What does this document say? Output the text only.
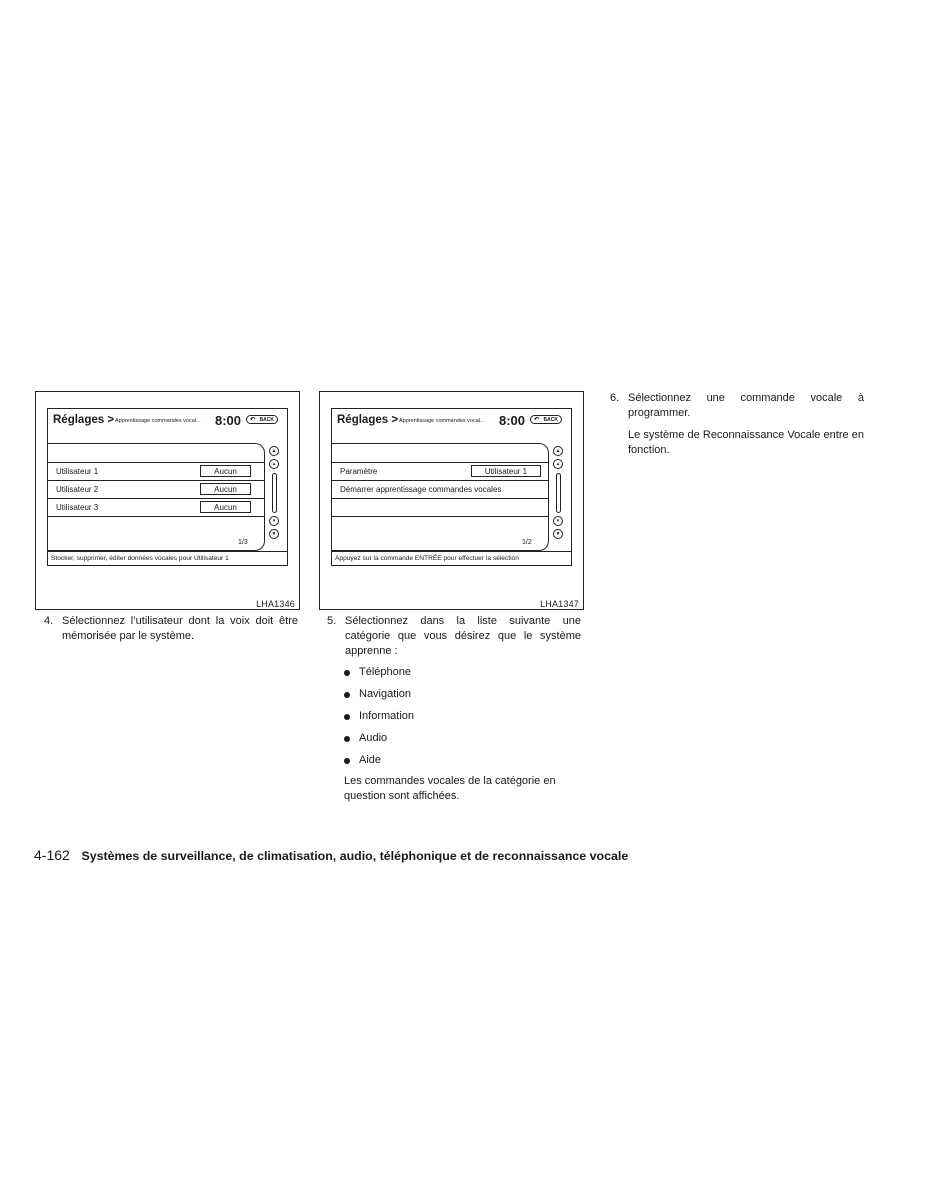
Réglages > Apprentissage commandes vocal... 8:00 ↶ BACK
Utilisateur 1	Aucun
Utilisateur 2	Aucun
Utilisateur 3	Aucun
1/3
▲
▴
▾
▼
Stocker, supprimer, éditer données vocales pour Utilisateur 1
LHA1346
Réglages > Apprentissage commandes vocal... 8:00 ↶ BACK
Paramètre	Utilisateur 1
Démarrer apprentissage commandes vocales
1/2
▲
▴
▾
▼
Appuyez sur la commande ENTRÉE pour effectuer la sélection
LHA1347
4. Sélectionnez l’utilisateur dont la voix doit être mémorisée par le système.
5. Sélectionnez dans la liste suivante une catégorie que vous désirez que le système apprenne :
Téléphone
Navigation
Information
Audio
Aide
Les commandes vocales de la catégorie en question sont affichées.
6. Sélectionnez une commande vocale à programmer.
Le système de Reconnaissance Vocale entre en fonction.
4-162 Systèmes de surveillance, de climatisation, audio, téléphonique et de reconnaissance vocale
